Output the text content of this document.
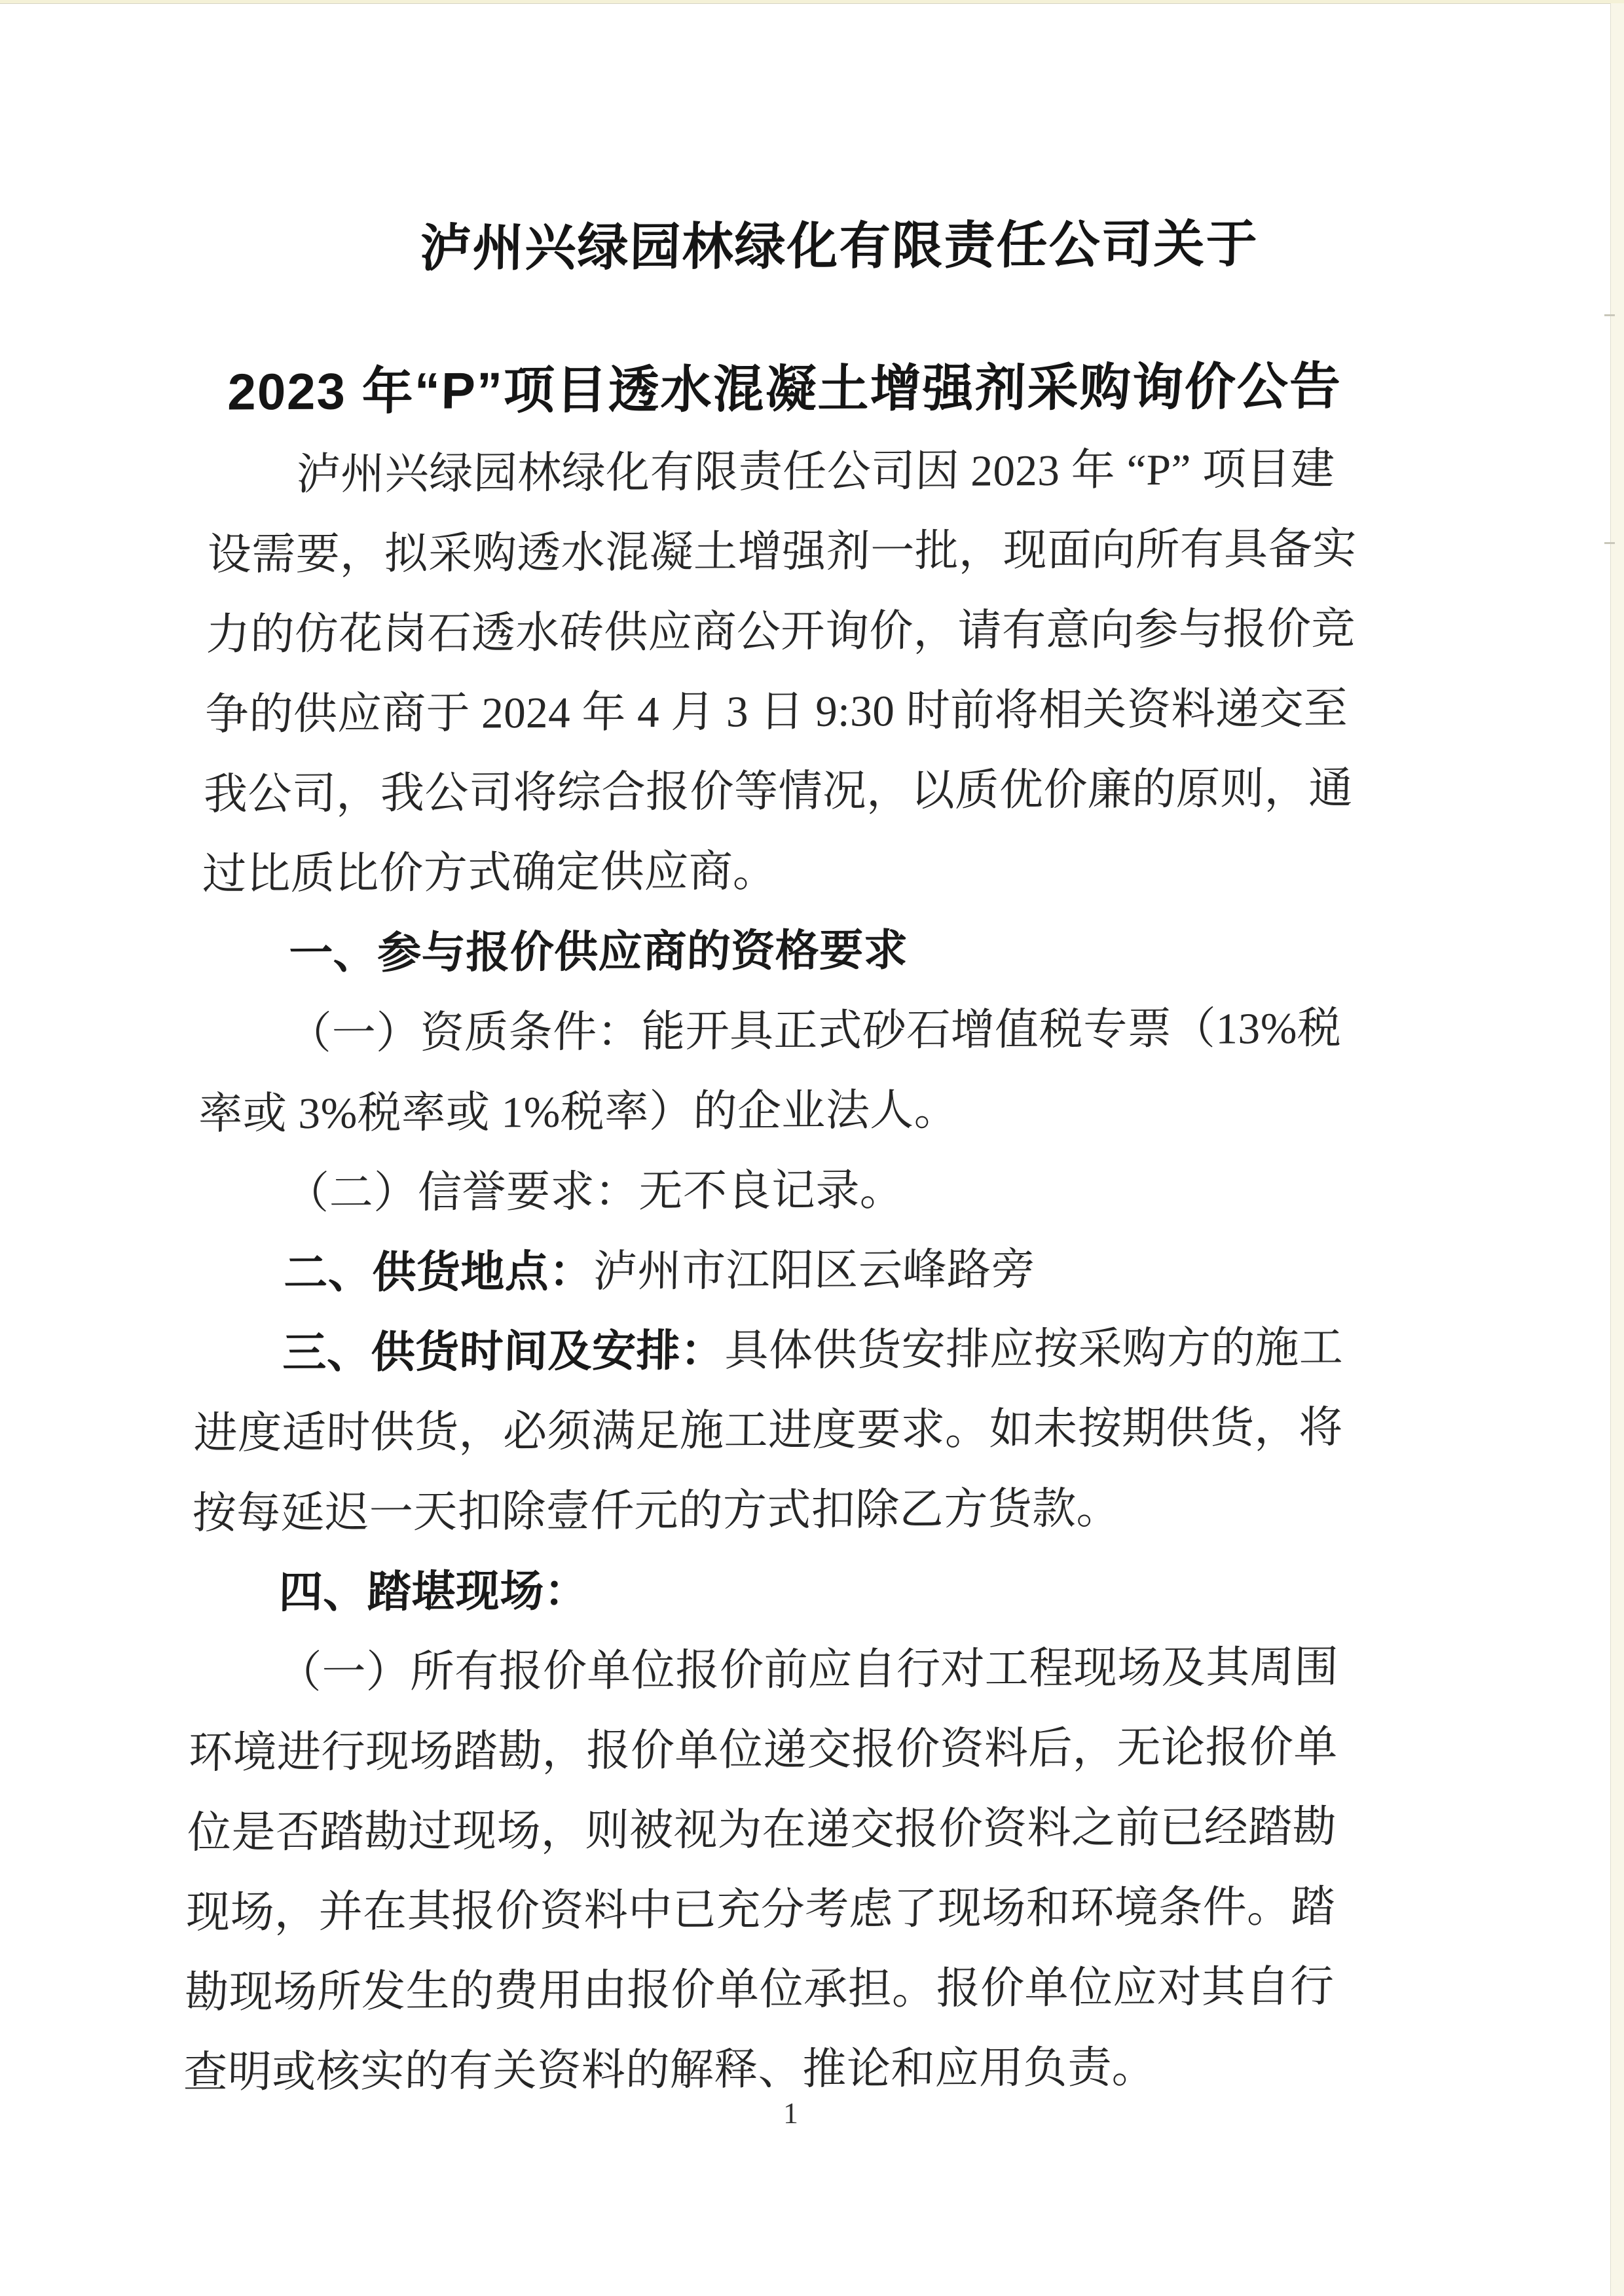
泸州兴绿园林绿化有限责任公司关于
2023 年“P”项目透水混凝土增强剂采购询价公告
泸州兴绿园林绿化有限责任公司因 2023 年 “P” 项目建
设需要，拟采购透水混凝土增强剂一批，现面向所有具备实
力的仿花岗石透水砖供应商公开询价，请有意向参与报价竞
争的供应商于 2024 年 4 月 3 日 9:30 时前将相关资料递交至
我公司，我公司将综合报价等情况，以质优价廉的原则，通
过比质比价方式确定供应商。
一、参与报价供应商的资格要求
（一）资质条件：能开具正式砂石增值税专票（13%税
率或 3%税率或 1%税率）的企业法人。
（二）信誉要求：无不良记录。
二、供货地点：泸州市江阳区云峰路旁
三、供货时间及安排：具体供货安排应按采购方的施工
进度适时供货，必须满足施工进度要求。如未按期供货，将
按每延迟一天扣除壹仟元的方式扣除乙方货款。
四、踏堪现场：
（一）所有报价单位报价前应自行对工程现场及其周围
环境进行现场踏勘，报价单位递交报价资料后，无论报价单
位是否踏勘过现场，则被视为在递交报价资料之前已经踏勘
现场，并在其报价资料中已充分考虑了现场和环境条件。踏
勘现场所发生的费用由报价单位承担。报价单位应对其自行
查明或核实的有关资料的解释、推论和应用负责。
1
